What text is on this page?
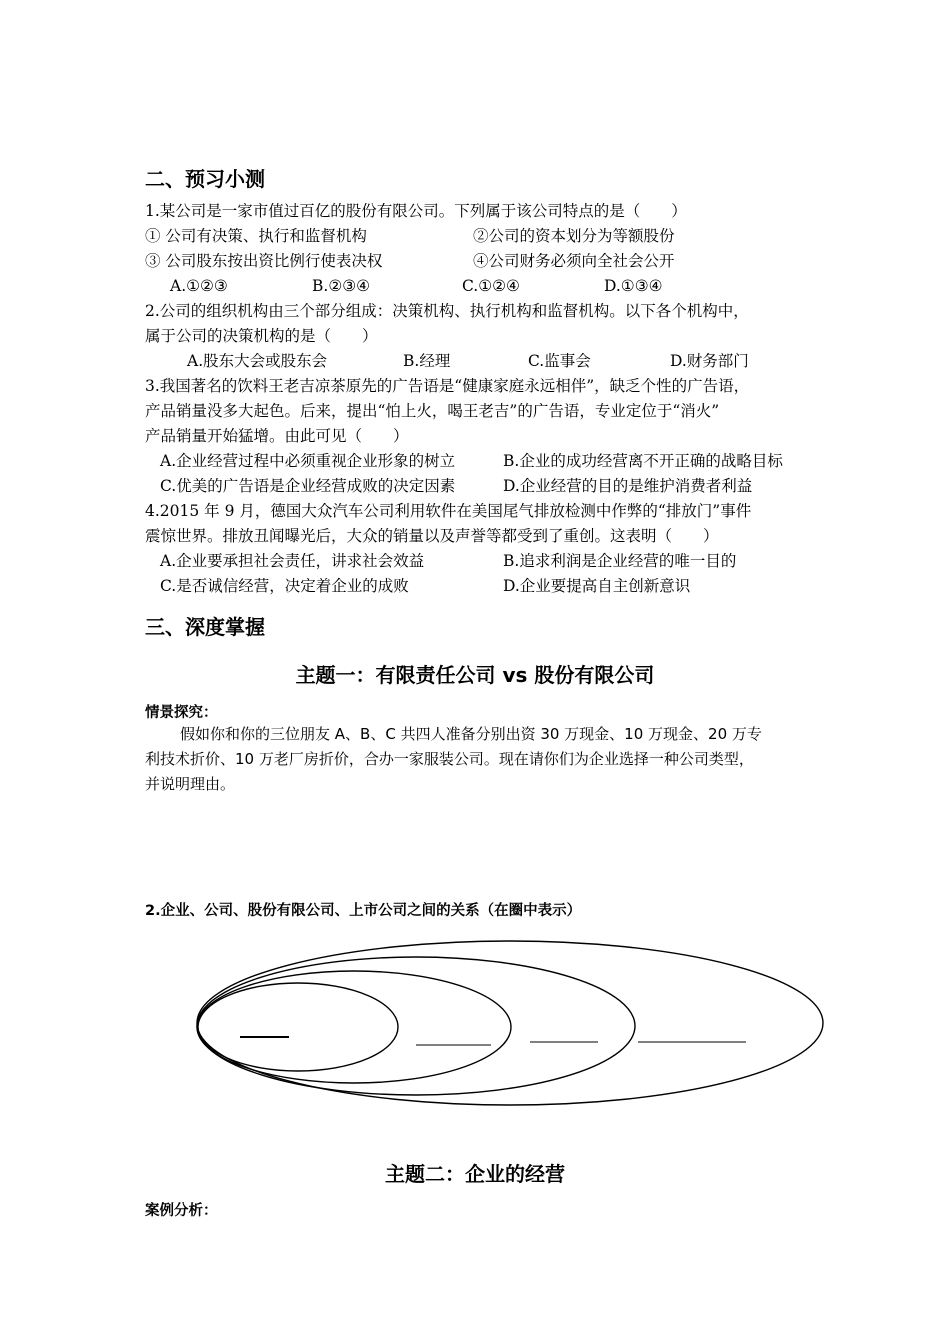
二、预习小测
1.某公司是一家市值过百亿的股份有限公司。下列属于该公司特点的是（　　）
① 公司有决策、执行和监督机构	②公司的资本划分为等额股份
③ 公司股东按出资比例行使表决权	④公司财务必须向全社会公开
A.①②③	B.②③④	C.①②④	D.①③④
2.公司的组织机构由三个部分组成：决策机构、执行机构和监督机构。以下各个机构中，
属于公司的决策机构的是（　　）
A.股东大会或股东会	B.经理	C.监事会	D.财务部门
3.我国著名的饮料王老吉凉茶原先的广告语是“健康家庭永远相伴”，缺乏个性的广告语，
产品销量没多大起色。后来，提出“怕上火，喝王老吉”的广告语，专业定位于“消火”
产品销量开始猛增。由此可见（　　）
A.企业经营过程中必须重视企业形象的树立	B.企业的成功经营离不开正确的战略目标
C.优美的广告语是企业经营成败的决定因素	D.企业经营的目的是维护消费者利益
4.2015 年 9 月，德国大众汽车公司利用软件在美国尾气排放检测中作弊的“排放门”事件
震惊世界。排放丑闻曝光后，大众的销量以及声誉等都受到了重创。这表明（　　）
A.企业要承担社会责任，讲求社会效益	B.追求利润是企业经营的唯一目的
C.是否诚信经营，决定着企业的成败	D.企业要提高自主创新意识
三、深度掌握
主题一：有限责任公司 vs 股份有限公司
情景探究：
假如你和你的三位朋友 A、B、C 共四人准备分别出资 30 万现金、10 万现金、20 万专
利技术折价、10 万老厂房折价，合办一家服装公司。现在请你们为企业选择一种公司类型，
并说明理由。
2.企业、公司、股份有限公司、上市公司之间的关系（在圈中表示）
主题二：企业的经营
案例分析：
